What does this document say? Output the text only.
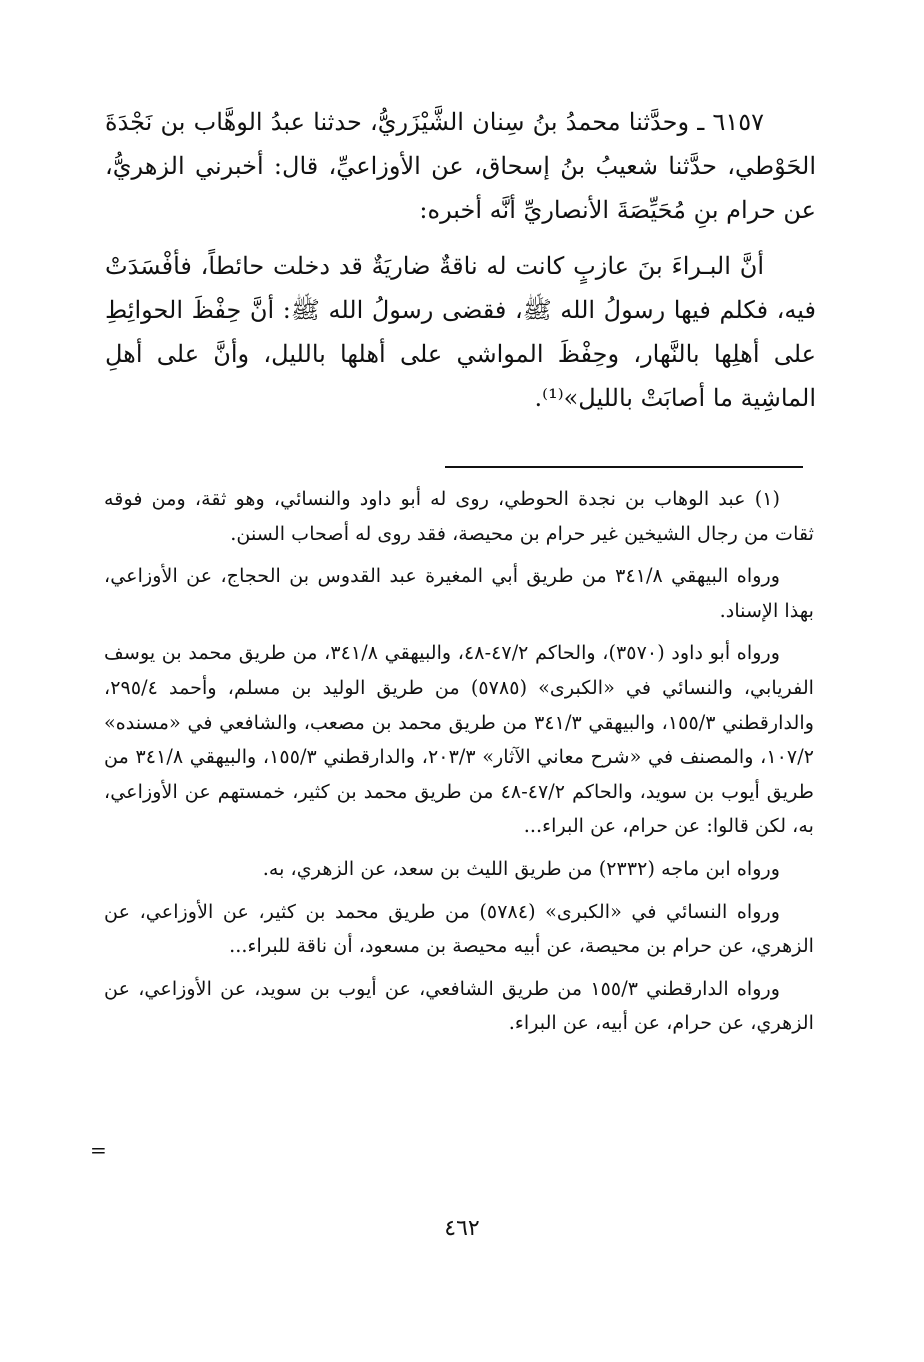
٦١٥٧ ـ وحدَّثنا محمدُ بنُ سِنان الشَّيْزَريُّ، حدثنا عبدُ الوهَّاب بن نَجْدَةَ الحَوْطي، حدَّثنا شعيبُ بنُ إسحاق، عن الأوزاعيِّ، قال: أخبرني الزهريُّ، عن حرام بنِ مُحَيِّصَةَ الأنصاريِّ أنَّه أخبره:

أنَّ البـراءَ بنَ عازبٍ كانت له ناقةٌ ضاريَةٌ قد دخلت حائطاً، فأفْسَدَتْ فيه، فكلم فيها رسولُ الله ﷺ، فقضى رسولُ الله ﷺ: أنَّ حِفْظَ الحوائِطِ على أهلِها بالنَّهار، وحِفْظَ المواشي على أهلها بالليل، وأنَّ على أهلِ الماشِية ما أصابَتْ بالليل»⁽¹⁾.

(١) عبد الوهاب بن نجدة الحوطي، روى له أبو داود والنسائي، وهو ثقة، ومن فوقه ثقات من رجال الشيخين غير حرام بن محيصة، فقد روى له أصحاب السنن.

ورواه البيهقي ٣٤١/٨ من طريق أبي المغيرة عبد القدوس بن الحجاج، عن الأوزاعي، بهذا الإسناد.

ورواه أبو داود (٣٥٧٠)، والحاكم ٤٧/٢-٤٨، والبيهقي ٣٤١/٨، من طريق محمد بن يوسف الفريابي، والنسائي في «الكبرى» (٥٧٨٥) من طريق الوليد بن مسلم، وأحمد ٢٩٥/٤، والدارقطني ١٥٥/٣، والبيهقي ٣٤١/٣ من طريق محمد بن مصعب، والشافعي في «مسنده» ١٠٧/٢، والمصنف في «شرح معاني الآثار» ٢٠٣/٣، والدارقطني ١٥٥/٣، والبيهقي ٣٤١/٨ من طريق أيوب بن سويد، والحاكم ٤٧/٢-٤٨ من طريق محمد بن كثير، خمستهم عن الأوزاعي، به، لكن قالوا: عن حرام، عن البراء...

ورواه ابن ماجه (٢٣٣٢) من طريق الليث بن سعد، عن الزهري، به.

ورواه النسائي في «الكبرى» (٥٧٨٤) من طريق محمد بن كثير، عن الأوزاعي، عن الزهري، عن حرام بن محيصة، عن أبيه محيصة بن مسعود، أن ناقة للبراء...

ورواه الدارقطني ١٥٥/٣ من طريق الشافعي، عن أيوب بن سويد، عن الأوزاعي، عن الزهري، عن حرام، عن أبيه، عن البراء.

=
٤٦٢
